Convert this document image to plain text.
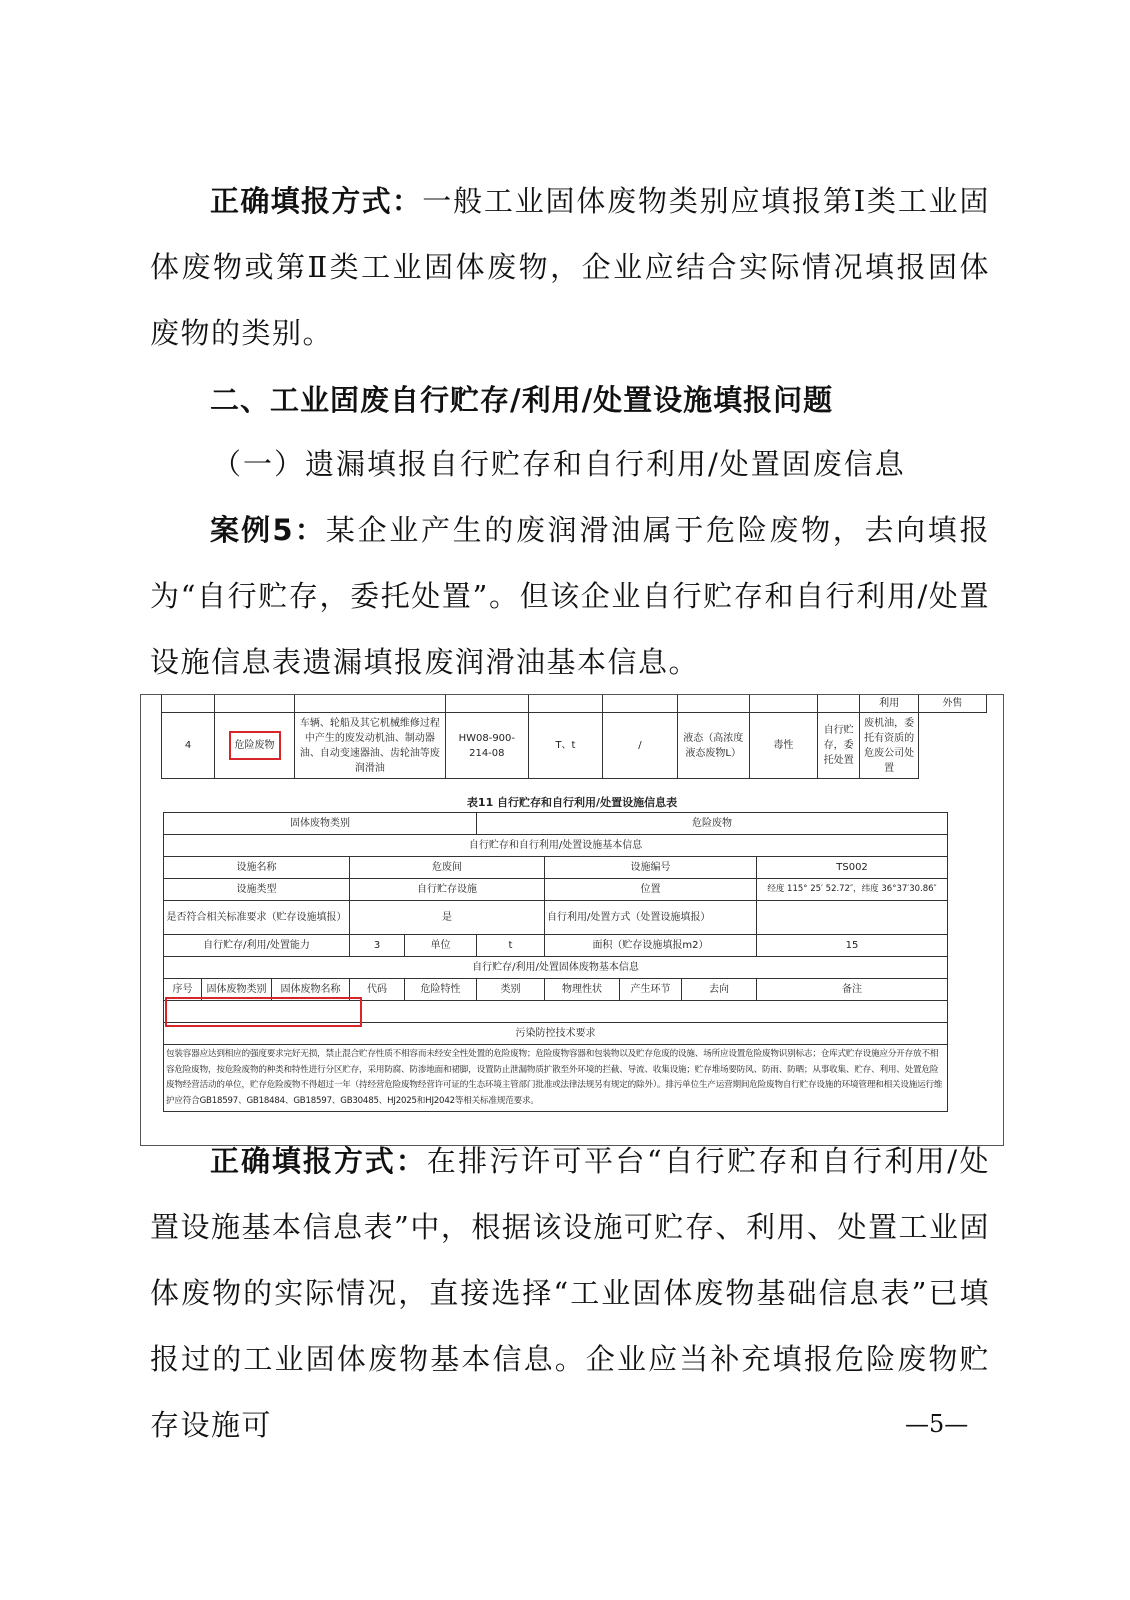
正确填报方式：一般工业固体废物类别应填报第Ⅰ类工业固体废物或第Ⅱ类工业固体废物，企业应结合实际情况填报固体废物的类别。

二、工业固废自行贮存/利用/处置设施填报问题

（一）遗漏填报自行贮存和自行利用/处置固废信息

案例5：某企业产生的废润滑油属于危险废物，去向填报为“自行贮存，委托处置”。但该企业自行贮存和自行利用/处置设施信息表遗漏填报废润滑油基本信息。

									利用	外售
4	危险废物	车辆、轮船及其它机械维修过程中产生的废发动机油、制动器油、自动变速器油、齿轮油等废润滑油	HW08-900-214-08	T、t	/	液态（高浓度液态废物L）	毒性	自行贮存，委托处置	废机油，委托有资质的危废公司处置	
表11 自行贮存和自行利用/处置设施信息表
固体废物类别					危险废物				
自行贮存和自行利用/处置设施基本信息									
设施名称			危废间			设施编号			TS002
设施类型			自行贮存设施			位置			经度 115° 25′ 52.72″，纬度 36°37′30.86″
是否符合相关标准要求（贮存设施填报）			是			自行利用/处置方式（处置设施填报）			
自行贮存/利用/处置能力			3	单位	t	面积（贮存设施填报m2）			15
自行贮存/利用/处置固体废物基本信息									
序号	固体废物类别	固体废物名称	代码	危险特性	类别	物理性状	产生环节	去向	备注

污染防控技术要求									
包装容器应达到相应的强度要求完好无损，禁止混合贮存性质不相容而未经安全性处置的危险废物；危险废物容器和包装物以及贮存危废的设施、场所应设置危险废物识别标志；仓库式贮存设施应分开存放不相容危险废物，按危险废物的种类和特性进行分区贮存，采用防腐、防渗地面和裙脚，设置防止泄漏物质扩散至外环境的拦截、导流、收集设施；贮存堆场要防风、防雨、防晒；从事收集、贮存、利用、处置危险废物经营活动的单位，贮存危险废物不得超过一年（持经营危险废物经营许可证的生态环境主管部门批准或法律法规另有规定的除外）。排污单位生产运营期间危险废物自行贮存设施的环境管理和相关设施运行维护应符合GB18597、GB18484、GB18597、GB30485、HJ2025和HJ2042等相关标准规范要求。									

正确填报方式：在排污许可平台“自行贮存和自行利用/处置设施基本信息表”中，根据该设施可贮存、利用、处置工业固体废物的实际情况，直接选择“工业固体废物基础信息表”已填报过的工业固体废物基本信息。企业应当补充填报危险废物贮存设施可	—5—
